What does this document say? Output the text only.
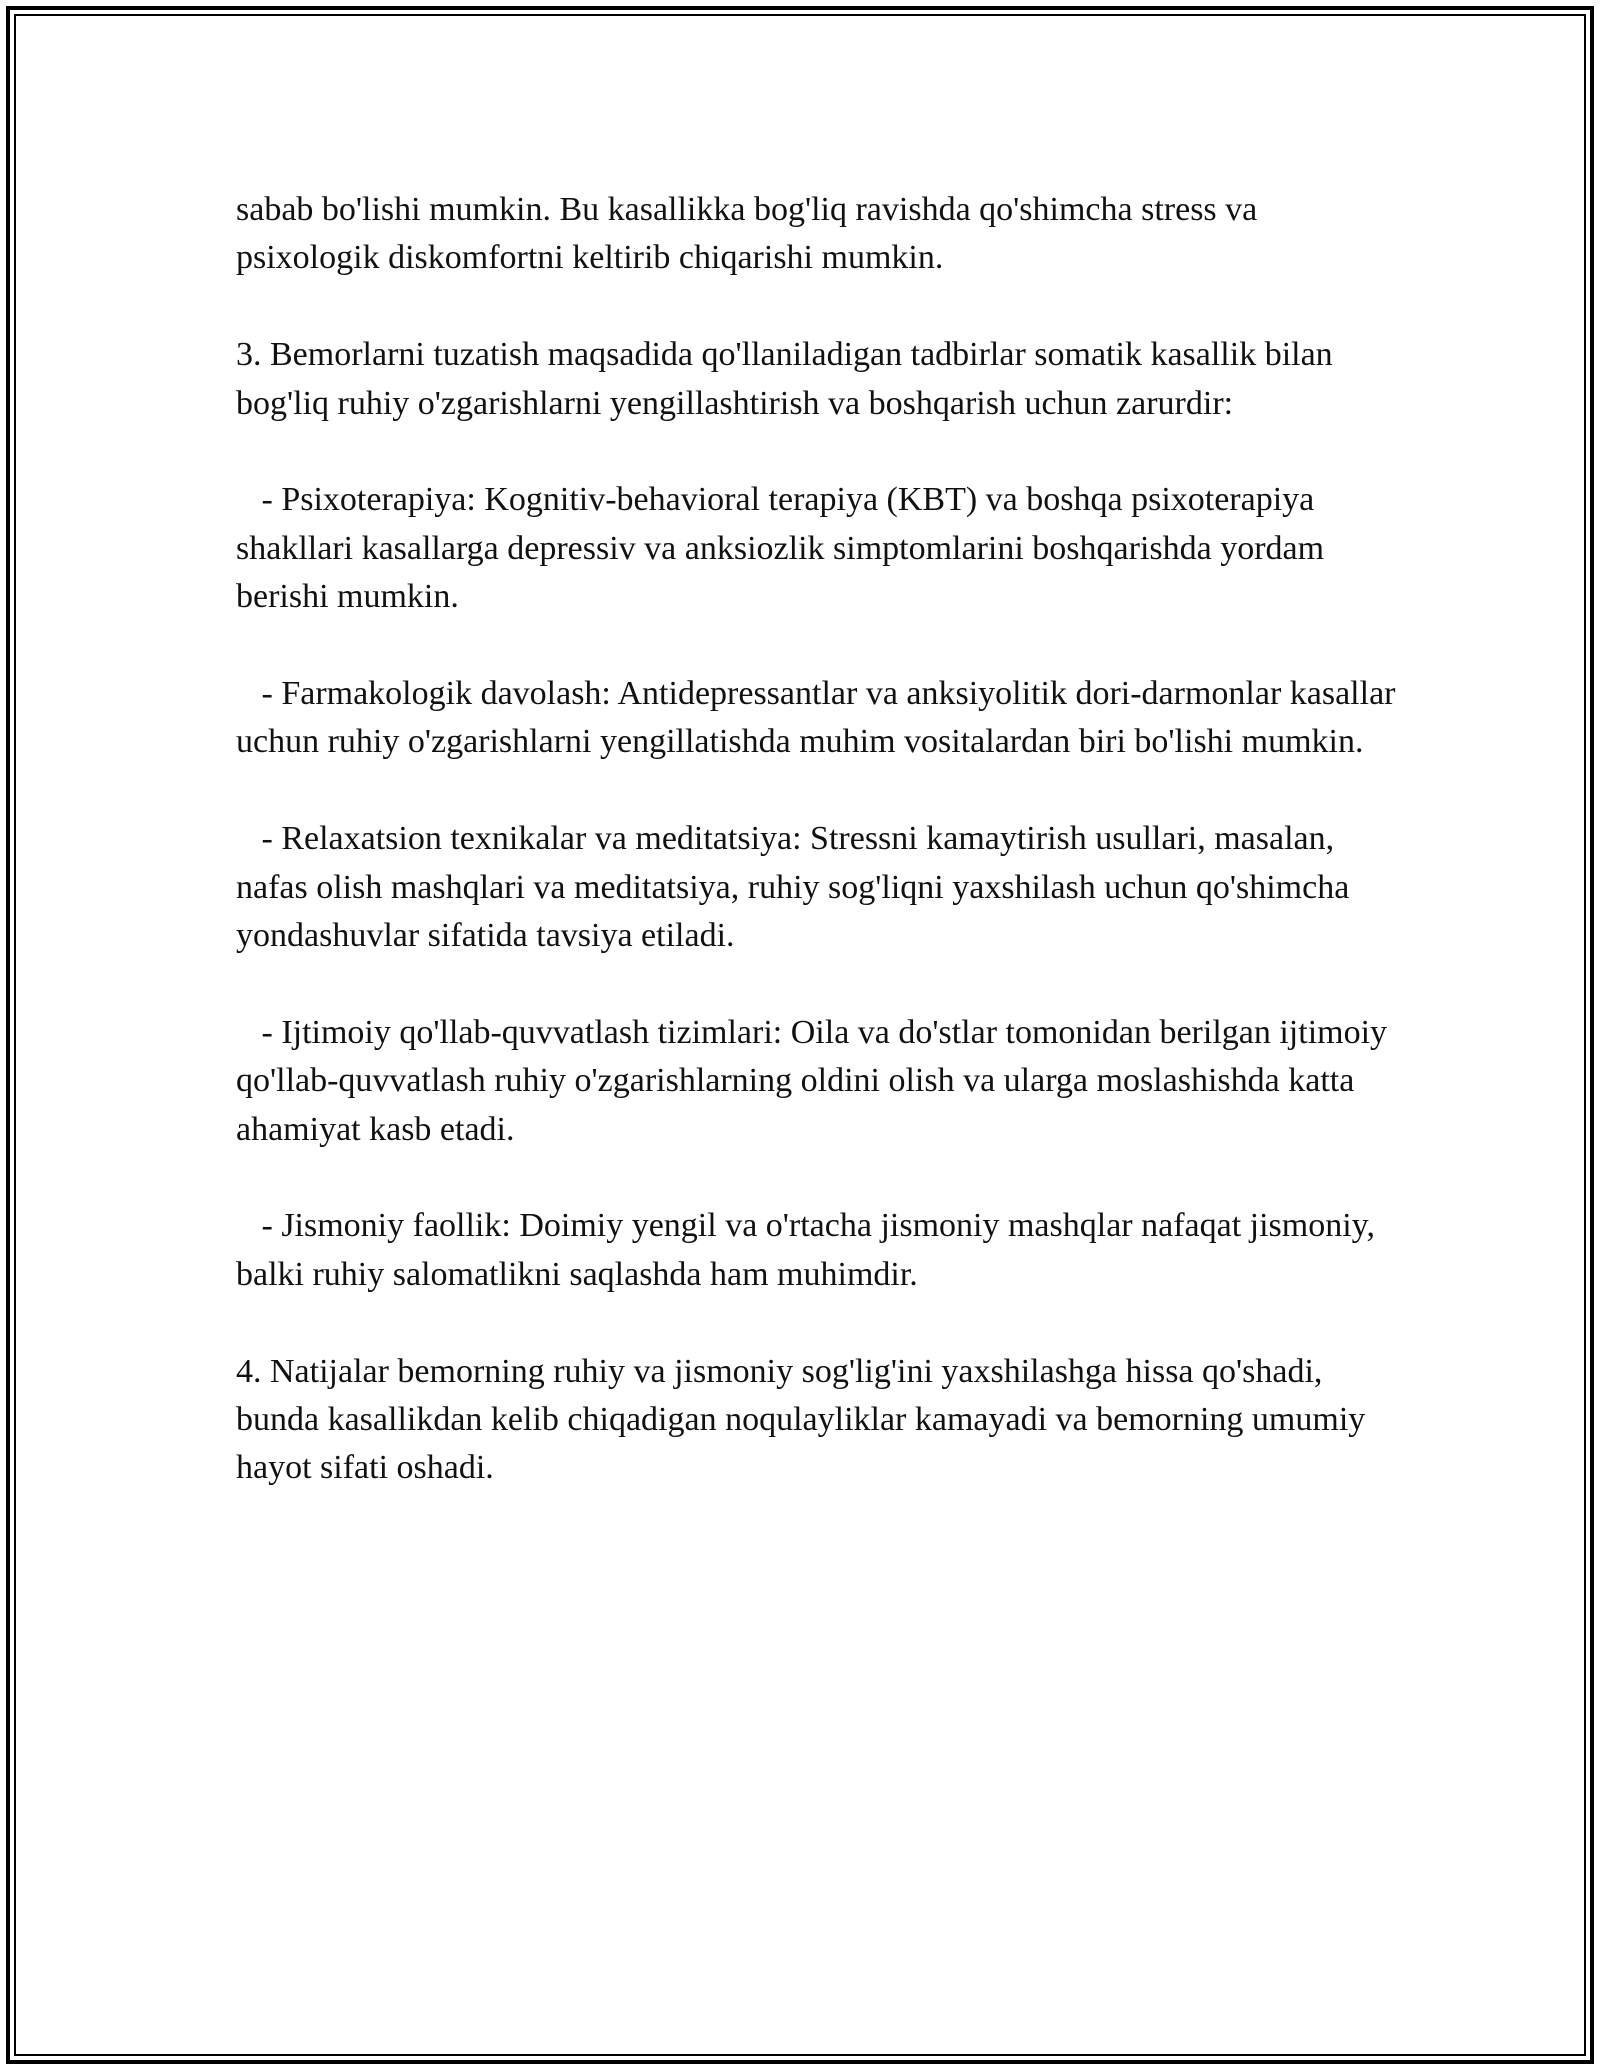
sabab bo'lishi mumkin. Bu kasallikka bog'liq ravishda qo'shimcha stress va psixologik diskomfortni keltirib chiqarishi mumkin.

3. Bemorlarni tuzatish maqsadida qo'llaniladigan tadbirlar somatik kasallik bilan bog'liq ruhiy o'zgarishlarni yengillashtirish va boshqarish uchun zarurdir:

- Psixoterapiya: Kognitiv-behavioral terapiya (KBT) va boshqa psixoterapiya shakllari kasallarga depressiv va anksiozlik simptomlarini boshqarishda yordam berishi mumkin.

- Farmakologik davolash: Antidepressantlar va anksiyolitik dori-darmonlar kasallar uchun ruhiy o'zgarishlarni yengillatishda muhim vositalardan biri bo'lishi mumkin.

- Relaxatsion texnikalar va meditatsiya: Stressni kamaytirish usullari, masalan, nafas olish mashqlari va meditatsiya, ruhiy sog'liqni yaxshilash uchun qo'shimcha yondashuvlar sifatida tavsiya etiladi.

- Ijtimoiy qo'llab-quvvatlash tizimlari: Oila va do'stlar tomonidan berilgan ijtimoiy qo'llab-quvvatlash ruhiy o'zgarishlarning oldini olish va ularga moslashishda katta ahamiyat kasb etadi.

- Jismoniy faollik: Doimiy yengil va o'rtacha jismoniy mashqlar nafaqat jismoniy, balki ruhiy salomatlikni saqlashda ham muhimdir.

4. Natijalar bemorning ruhiy va jismoniy sog'lig'ini yaxshilashga hissa qo'shadi, bunda kasallikdan kelib chiqadigan noqulayliklar kamayadi va bemorning umumiy hayot sifati oshadi.
